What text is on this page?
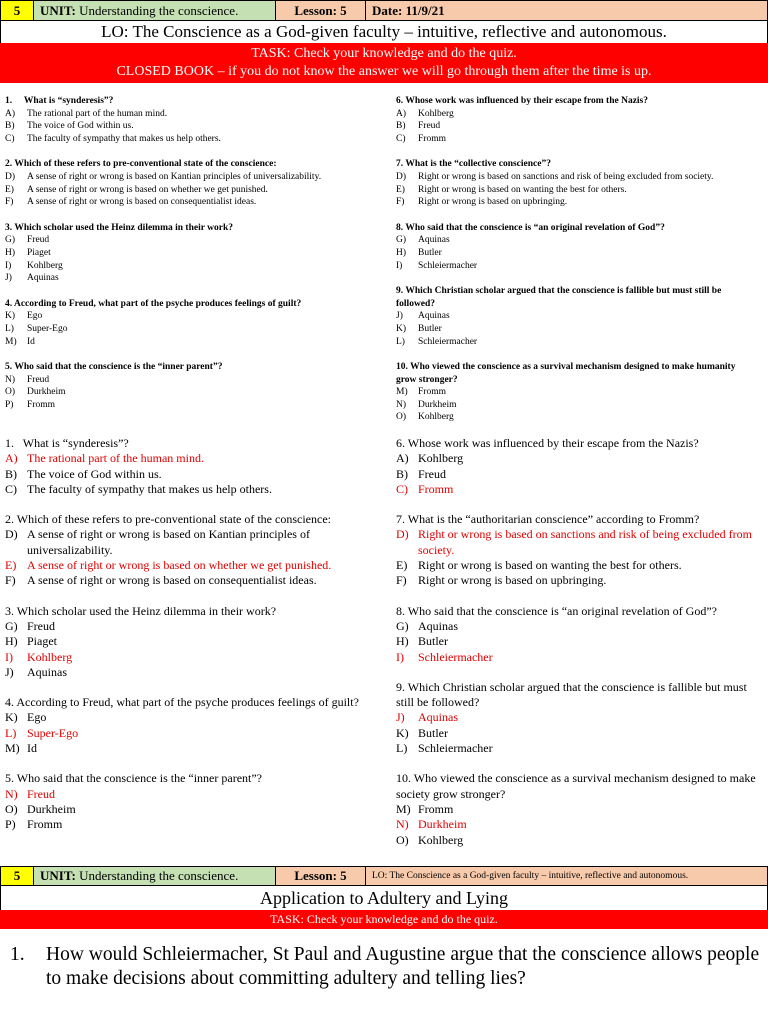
5	UNIT: Understanding the conscience.	Lesson: 5	Date: 11/9/21
LO: The Conscience as a God-given faculty – intuitive, reflective and autonomous.
TASK: Check your knowledge and do the quiz.
CLOSED BOOK – if you do not know the answer we will go through them after the time is up.
1.     What is “synderesis”?
A)	The rational part of the human mind.
B)	The voice of God within us.
C)	The faculty of sympathy that makes us help others.
2. Which of these refers to pre-conventional state of the conscience:
D)	A sense of right or wrong is based on Kantian principles of universalizability.
E)	A sense of right or wrong is based on whether we get punished.
F)	A sense of right or wrong is based on consequentialist ideas.
3. Which scholar used the Heinz dilemma in their work?
G)	Freud
H)	Piaget
I)	Kohlberg
J)	Aquinas
4. According to Freud, what part of the psyche produces feelings of guilt?
K)	Ego
L)	Super-Ego
M)	Id
5. Who said that the conscience is the “inner parent”?
N)	Freud
O)	Durkheim
P)	Fromm
6. Whose work was influenced by their escape from the Nazis?
A)	Kohlberg
B)	Freud
C)	Fromm
7. What is the “collective conscience”?
D)	Right or wrong is based on sanctions and risk of being excluded from society.
E)	Right or wrong is based on wanting the best for others.
F)	Right or wrong is based on upbringing.
8. Who said that the conscience is “an original revelation of God”?
G)	Aquinas
H)	Butler
I)	Schleiermacher
9. Which Christian scholar argued that the conscience is fallible but must still be followed?
J)	Aquinas
K)	Butler
L)	Schleiermacher
10. Who viewed the conscience as a survival mechanism designed to make humanity grow stronger?
M)	Fromm
N)	Durkheim
O)	Kohlberg
1.   What is “synderesis”?
A) The rational part of the human mind.
B) The voice of God within us.
C) The faculty of sympathy that makes us help others.
2. Which of these refers to pre-conventional state of the conscience:
D) A sense of right or wrong is based on Kantian principles of universalizability.
E) A sense of right or wrong is based on whether we get punished.
F) A sense of right or wrong is based on consequentialist ideas.
3. Which scholar used the Heinz dilemma in their work?
G) Freud
H) Piaget
I)	Kohlberg
J)	Aquinas
4. According to Freud, what part of the psyche produces feelings of guilt?
K) Ego
L) Super-Ego
M) Id
5. Who said that the conscience is the “inner parent”?
N) Freud
O) Durkheim
P) Fromm
6. Whose work was influenced by their escape from the Nazis?
A) Kohlberg
B) Freud
C) Fromm
7. What is the “authoritarian conscience” according to Fromm?
D) Right or wrong is based on sanctions and risk of being excluded from society.
E) Right or wrong is based on wanting the best for others.
F) Right or wrong is based on upbringing.
8. Who said that the conscience is “an original revelation of God”?
G) Aquinas
H) Butler
I)	Schleiermacher
9. Which Christian scholar argued that the conscience is fallible but must still be followed?
J)	Aquinas
K) Butler
L) Schleiermacher
10. Who viewed the conscience as a survival mechanism designed to make society grow stronger?
M) Fromm
N) Durkheim
O) Kohlberg
5	UNIT: Understanding the conscience.	Lesson: 5	LO: The Conscience as a God-given faculty – intuitive, reflective and autonomous.
Application to Adultery and Lying
TASK: Check your knowledge and do the quiz.
1.	How would Schleiermacher, St Paul and Augustine argue that the conscience allows people to make decisions about committing adultery and telling lies?
